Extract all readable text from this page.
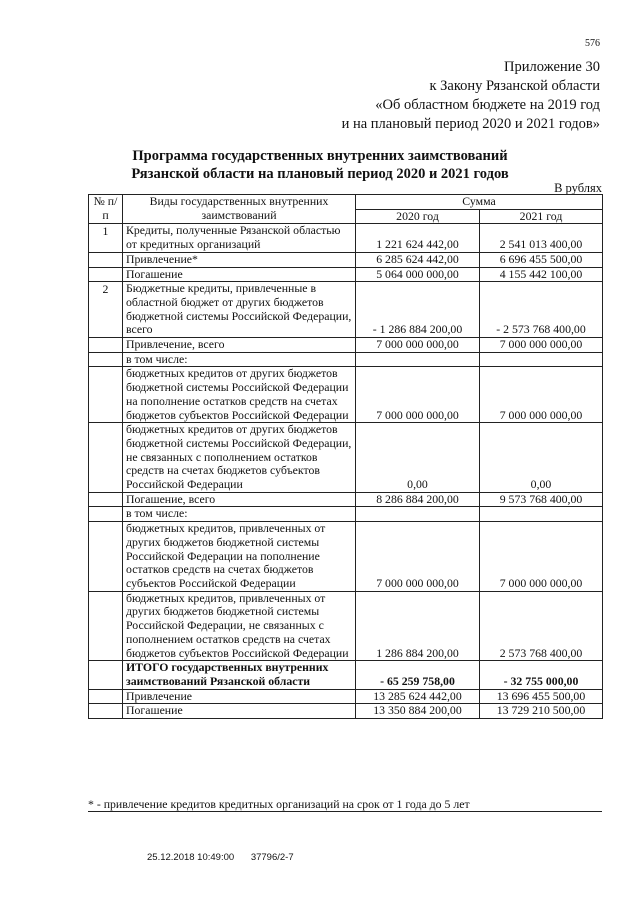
576
Приложение 30
к Закону Рязанской области
«Об областном бюджете на 2019 год
и на плановый период 2020 и 2021 годов»
Программа государственных внутренних заимствований
Рязанской области на плановый период 2020 и 2021 годов
В рублях
№ п/п	Виды государственных внутренних заимствований	Сумма	
		2020 год	2021 год
1	Кредиты, полученные Рязанской областью от кредитных организаций	1 221 624 442,00	2 541 013 400,00
	Привлечение*	6 285 624 442,00	6 696 455 500,00
	Погашение	5 064 000 000,00	4 155 442 100,00
2	Бюджетные кредиты, привлеченные в областной бюджет от других бюджетов бюджетной системы Российской Федерации, всего	- 1 286 884 200,00	- 2 573 768 400,00
	Привлечение, всего	7 000 000 000,00	7 000 000 000,00
	в том числе:		
	бюджетных кредитов от других бюджетов бюджетной системы Российской Федерации на пополнение остатков средств на счетах бюджетов субъектов Российской Федерации	7 000 000 000,00	7 000 000 000,00
	бюджетных кредитов от других бюджетов бюджетной системы Российской Федерации, не связанных с пополнением остатков средств на счетах бюджетов субъектов Российской Федерации	0,00	0,00
	Погашение, всего	8 286 884 200,00	9 573 768 400,00
	в том числе:		
	бюджетных кредитов, привлеченных от других бюджетов бюджетной системы Российской Федерации на пополнение остатков средств на счетах бюджетов субъектов Российской Федерации	7 000 000 000,00	7 000 000 000,00
	бюджетных кредитов, привлеченных от других бюджетов бюджетной системы Российской Федерации, не связанных с пополнением остатков средств на счетах бюджетов субъектов Российской Федерации	1 286 884 200,00	2 573 768 400,00
	ИТОГО государственных внутренних заимствований Рязанской области	- 65 259 758,00	- 32 755 000,00
	Привлечение	13 285 624 442,00	13 696 455 500,00
	Погашение	13 350 884 200,00	13 729 210 500,00
* - привлечение кредитов кредитных организаций на срок от 1 года до 5 лет
25.12.2018 10:49:00 37796/2-7
